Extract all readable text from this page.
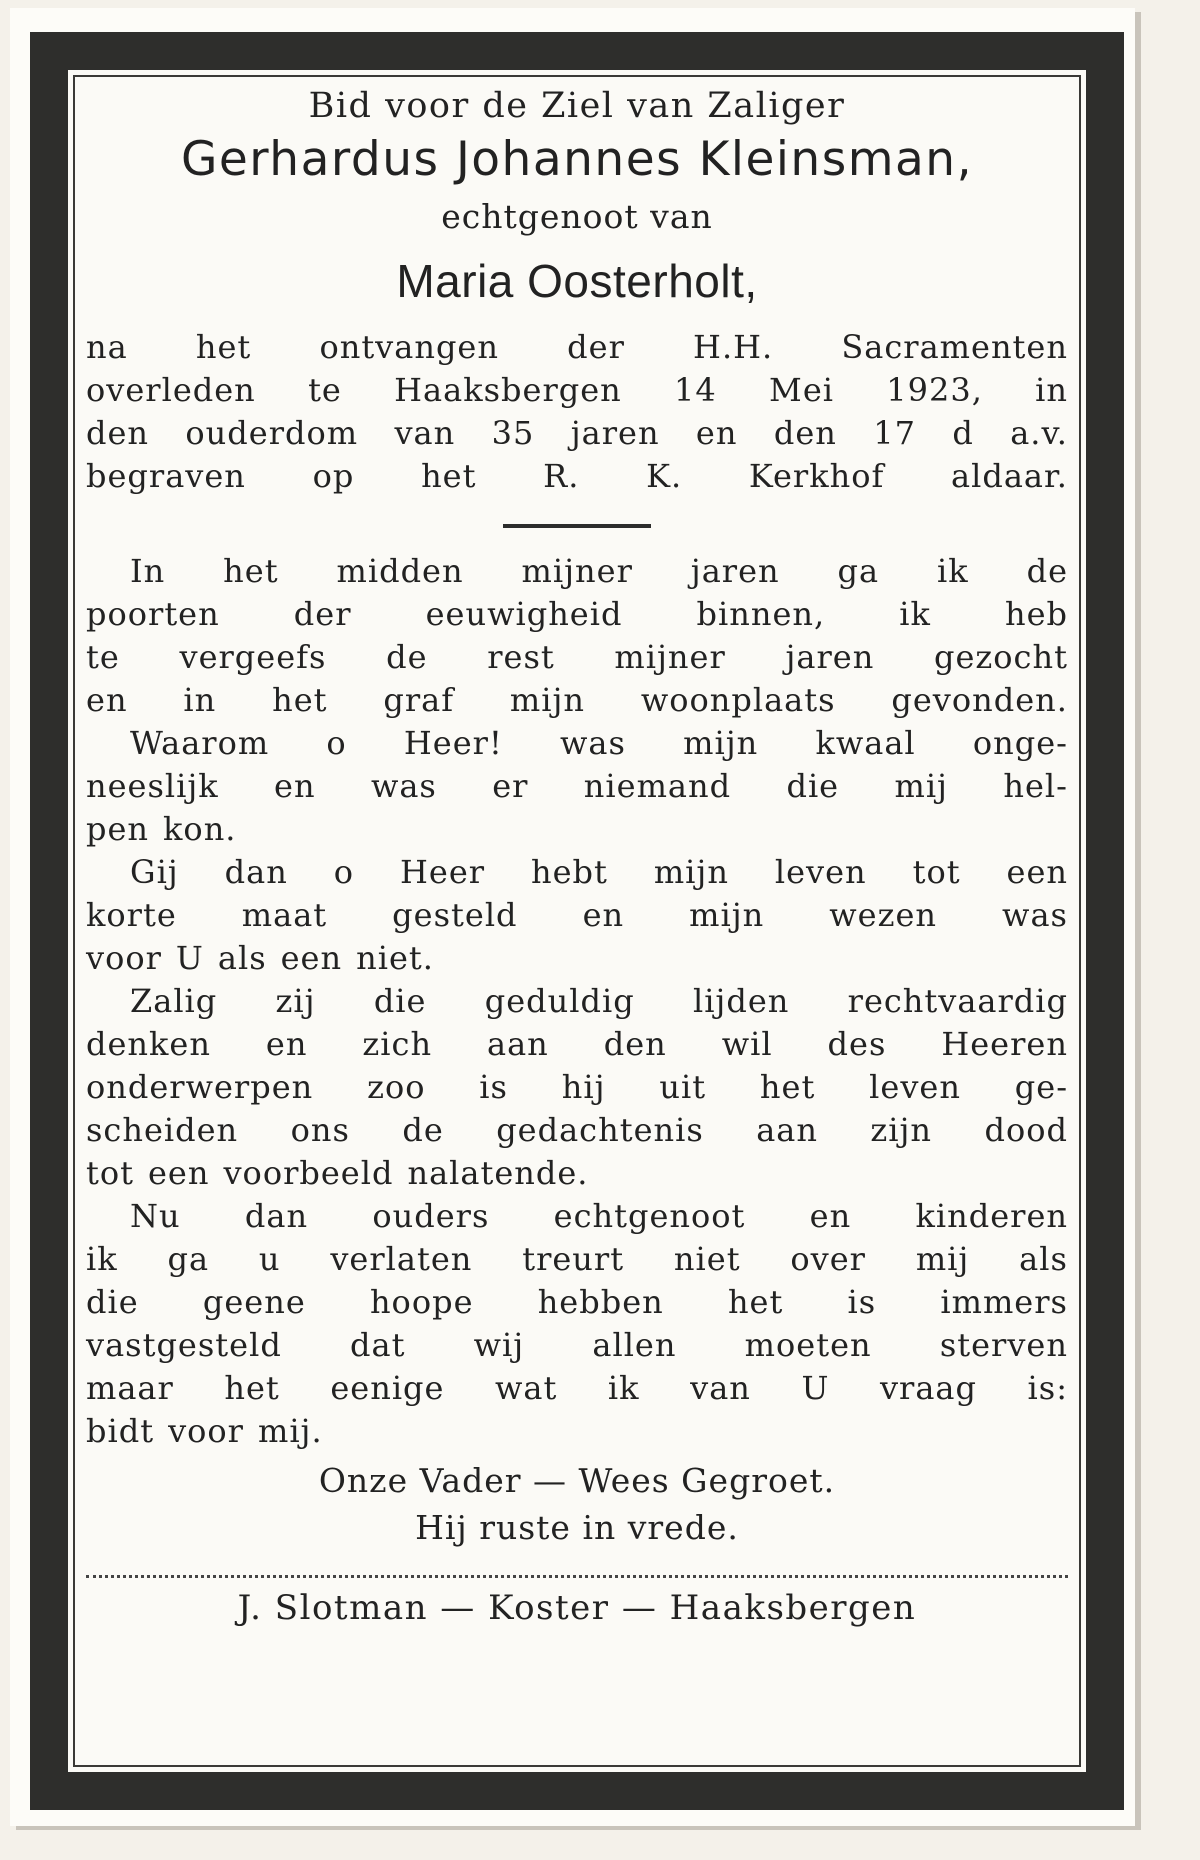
Bid voor de Ziel van Zaliger
Gerhardus Johannes Kleinsman,
echtgenoot van
Maria Oosterholt,
na het ontvangen der H.H. Sacramenten
overleden te Haaksbergen 14 Mei 1923, in
den ouderdom van 35 jaren en den 17 d a.v.
begraven op het R. K. Kerkhof aldaar.
In het midden mijner jaren ga ik de
poorten der eeuwigheid binnen, ik heb
te vergeefs de rest mijner jaren gezocht
en in het graf mijn woonplaats gevonden.
Waarom o Heer! was mijn kwaal onge-
neeslijk en was er niemand die mij hel-
pen kon.
Gij dan o Heer hebt mijn leven tot een
korte maat gesteld en mijn wezen was
voor U als een niet.
Zalig zij die geduldig lijden rechtvaardig
denken en zich aan den wil des Heeren
onderwerpen zoo is hij uit het leven ge-
scheiden ons de gedachtenis aan zijn dood
tot een voorbeeld nalatende.
Nu dan ouders echtgenoot en kinderen
ik ga u verlaten treurt niet over mij als
die geene hoope hebben het is immers
vastgesteld dat wij allen moeten sterven
maar het eenige wat ik van U vraag is:
bidt voor mij.
Onze Vader — Wees Gegroet.
Hij ruste in vrede.
J. Slotman — Koster — Haaksbergen
